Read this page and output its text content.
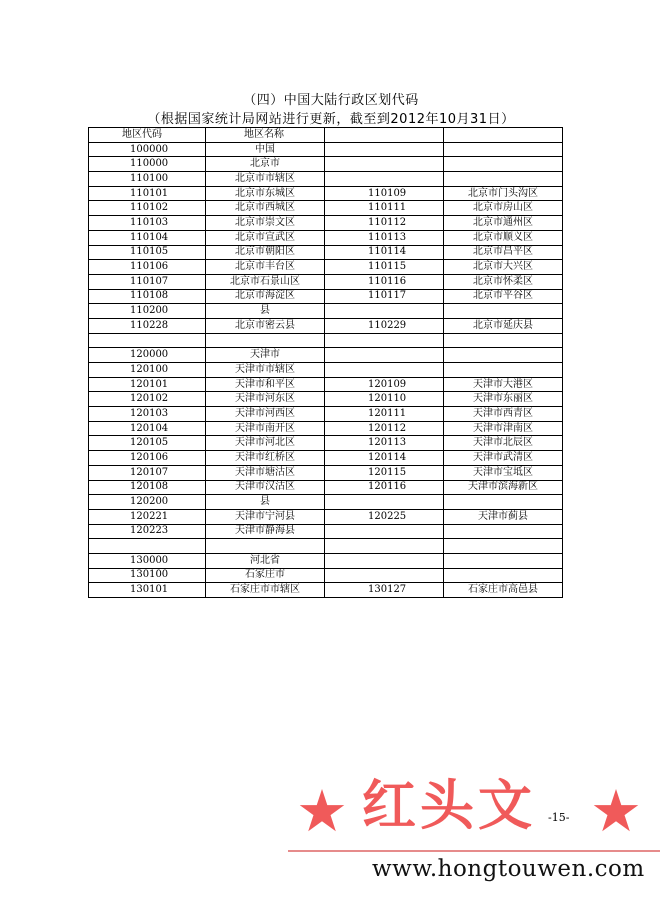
（四）中国大陆行政区划代码
（根据国家统计局网站进行更新，截至到2012年10月31日）
地区代码	地区名称		
100000	中国		
110000	北京市		
110100	北京市市辖区		
110101	北京市东城区	110109	北京市门头沟区
110102	北京市西城区	110111	北京市房山区
110103	北京市崇文区	110112	北京市通州区
110104	北京市宣武区	110113	北京市顺义区
110105	北京市朝阳区	110114	北京市昌平区
110106	北京市丰台区	110115	北京市大兴区
110107	北京市石景山区	110116	北京市怀柔区
110108	北京市海淀区	110117	北京市平谷区
110200	县		
110228	北京市密云县	110229	北京市延庆县

120000	天津市		
120100	天津市市辖区		
120101	天津市和平区	120109	天津市大港区
120102	天津市河东区	120110	天津市东丽区
120103	天津市河西区	120111	天津市西青区
120104	天津市南开区	120112	天津市津南区
120105	天津市河北区	120113	天津市北辰区
120106	天津市红桥区	120114	天津市武清区
120107	天津市塘沽区	120115	天津市宝坻区
120108	天津市汉沽区	120116	天津市滨海新区
120200	县		
120221	天津市宁河县	120225	天津市蓟县
120223	天津市静海县		

130000	河北省		
130100	石家庄市		
130101	石家庄市市辖区	130127	石家庄市高邑县
-15-
★ 红头文 ★
www.hongtouwen.com
